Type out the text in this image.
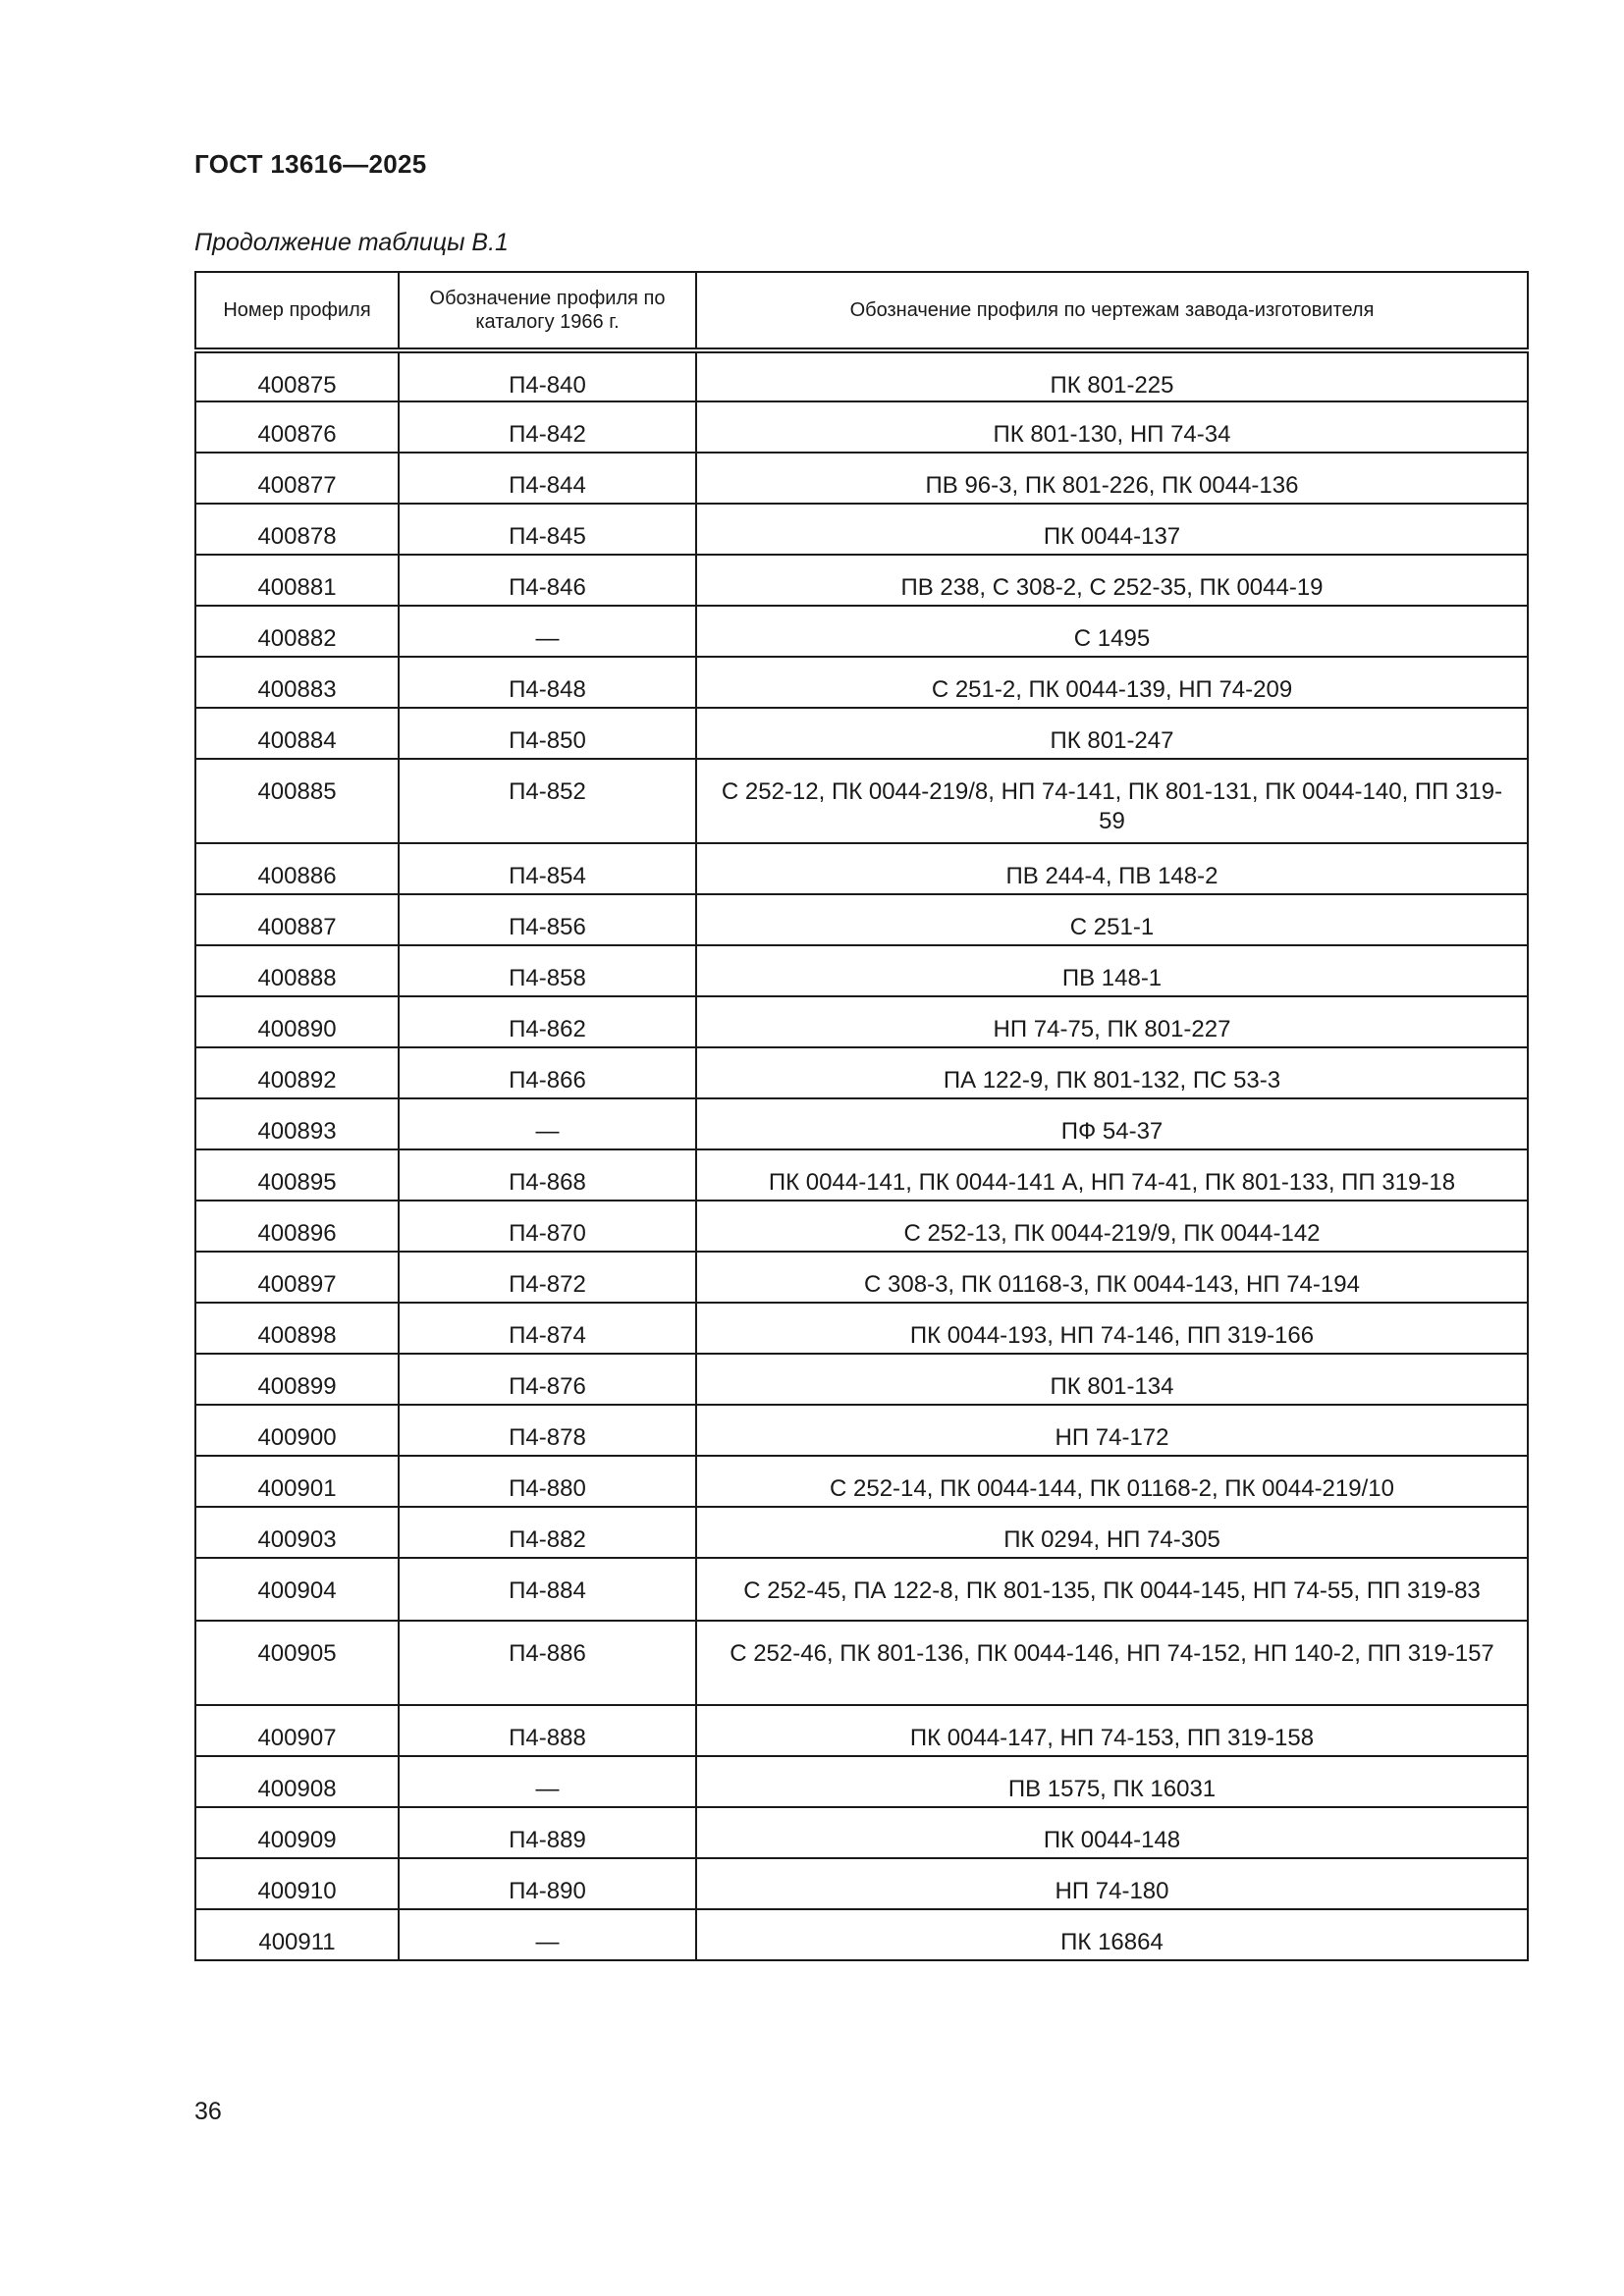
ГОСТ 13616—2025

Продолжение таблицы В.1

Номер профиля	Обозначение профиля по каталогу 1966 г.	Обозначение профиля по чертежам завода-изготовителя
400875	П4-840	ПК 801-225
400876	П4-842	ПК 801-130, НП 74-34
400877	П4-844	ПВ 96-3, ПК 801-226, ПК 0044-136
400878	П4-845	ПК 0044-137
400881	П4-846	ПВ 238, С 308-2, С 252-35, ПК 0044-19
400882	—	С 1495
400883	П4-848	С 251-2, ПК 0044-139, НП 74-209
400884	П4-850	ПК 801-247
400885	П4-852	С 252-12, ПК 0044-219/8, НП 74-141, ПК 801-131, ПК 0044-140, ПП 319-59
400886	П4-854	ПВ 244-4, ПВ 148-2
400887	П4-856	С 251-1
400888	П4-858	ПВ 148-1
400890	П4-862	НП 74-75, ПК 801-227
400892	П4-866	ПА 122-9, ПК 801-132, ПС 53-3
400893	—	ПФ 54-37
400895	П4-868	ПК 0044-141, ПК 0044-141 А, НП 74-41, ПК 801-133, ПП 319-18
400896	П4-870	С 252-13, ПК 0044-219/9, ПК 0044-142
400897	П4-872	С 308-3, ПК 01168-3, ПК 0044-143, НП 74-194
400898	П4-874	ПК 0044-193, НП 74-146, ПП 319-166
400899	П4-876	ПК 801-134
400900	П4-878	НП 74-172
400901	П4-880	С 252-14, ПК 0044-144, ПК 01168-2, ПК 0044-219/10
400903	П4-882	ПК 0294, НП 74-305
400904	П4-884	С 252-45, ПА 122-8, ПК 801-135, ПК 0044-145, НП 74-55, ПП 319-83
400905	П4-886	С 252-46, ПК 801-136, ПК 0044-146, НП 74-152, НП 140-2, ПП 319-157
400907	П4-888	ПК 0044-147, НП 74-153, ПП 319-158
400908	—	ПВ 1575, ПК 16031
400909	П4-889	ПК 0044-148
400910	П4-890	НП 74-180
400911	—	ПК 16864

36
